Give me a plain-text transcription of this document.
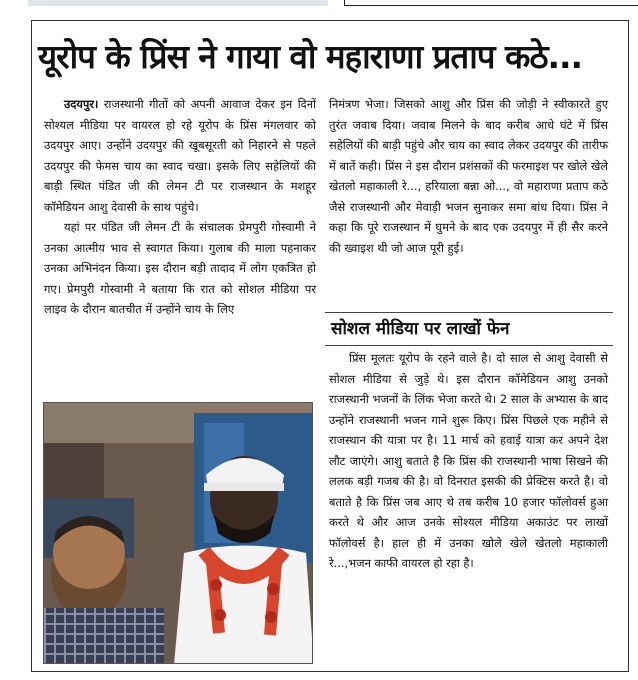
यूरोप के प्रिंस ने गाया वो महाराणा प्रताप कठे...

उदयपुर। राजस्थानी गीतों को अपनी आवाज देकर इन दिनों सोश्यल मीडिया पर वायरल हो रहे यूरोप के प्रिंस मंगलवार को उदयपुर आए। उन्होंने उदयपुर की खूबसूरती को निहारने से पहले उदयपुर की फेमस चाय का स्वाद चखा। इसके लिए सहेलियों की बाड़ी स्थित पंडित जी की लेमन टी पर राजस्थान के मशहूर कॉमेडियन आशु देवासी के साथ पहुंचे।

यहां पर पंडित जी लेमन टी के संचालक प्रेमपुरी गोस्वामी ने उनका आत्मीय भाव से स्वागत किया। गुलाब की माला पहनाकर उनका अभिनंदन किया। इस दौरान बड़ी तादाद में लोग एकत्रित हो गए। प्रेमपुरी गोस्वामी ने बताया कि रात को सोशल मीडिया पर लाइव के दौरान बातचीत में उन्होंने चाय के लिए

निमंत्रण भेजा। जिसको आशु और प्रिंस की जोड़ी ने स्वीकारते हुए तुरंत जवाब दिया। जवाब मिलने के बाद करीब आधे घंटे में प्रिंस सहेलियों की बाड़ी पहुंचे और चाय का स्वाद लेकर उदयपुर की तारीफ में बातें कही। प्रिंस ने इस दौरान प्रशंसकों की फरमाइश पर खोले खेले खेतलो महाकाली रे..., हरियाला बन्ना ओ..., वो महाराणा प्रताप कठे जैसे राजस्थानी और मेवाड़ी भजन सुनाकर समा बांध दिया। प्रिंस ने कहा कि पूरे राजस्थान में घुमने के बाद एक उदयपुर में ही सैर करने की ख्वाइश थी जो आज पूरी हुई।

सोशल मीडिया पर लाखों फेन

प्रिंस मूलतः यूरोप के रहने वाले है। दो साल से आशु देवासी से सोशल मीडिया से जुड़े थे। इस दौरान कॉमेडियन आशु उनको राजस्थानी भजनों के लिंक भेजा करते थे। 2 साल के अभ्यास के बाद उन्होंने राजस्थानी भजन गाने शुरू किए। प्रिंस पिछले एक महीने से राजस्थान की यात्रा पर है। 11 मार्च को हवाई यात्रा कर अपने देश लौट जाएंगे। आशु बताते है कि प्रिंस की राजस्थानी भाषा सिखने की ललक बड़ी गजब की है। वो दिनरात इसकी की प्रेक्टिस करते है। वो बताते है कि प्रिंस जब आए थे तब करीब 10 हजार फॉलोवर्स हुआ करते थे और आज उनके सोश्यल मीडिया अकाउंट पर लाखों फॉलोवर्स है। हाल ही में उनका खोले खेले खेतलो महाकाली रे...,भजन काफी वायरल हो रहा है।
